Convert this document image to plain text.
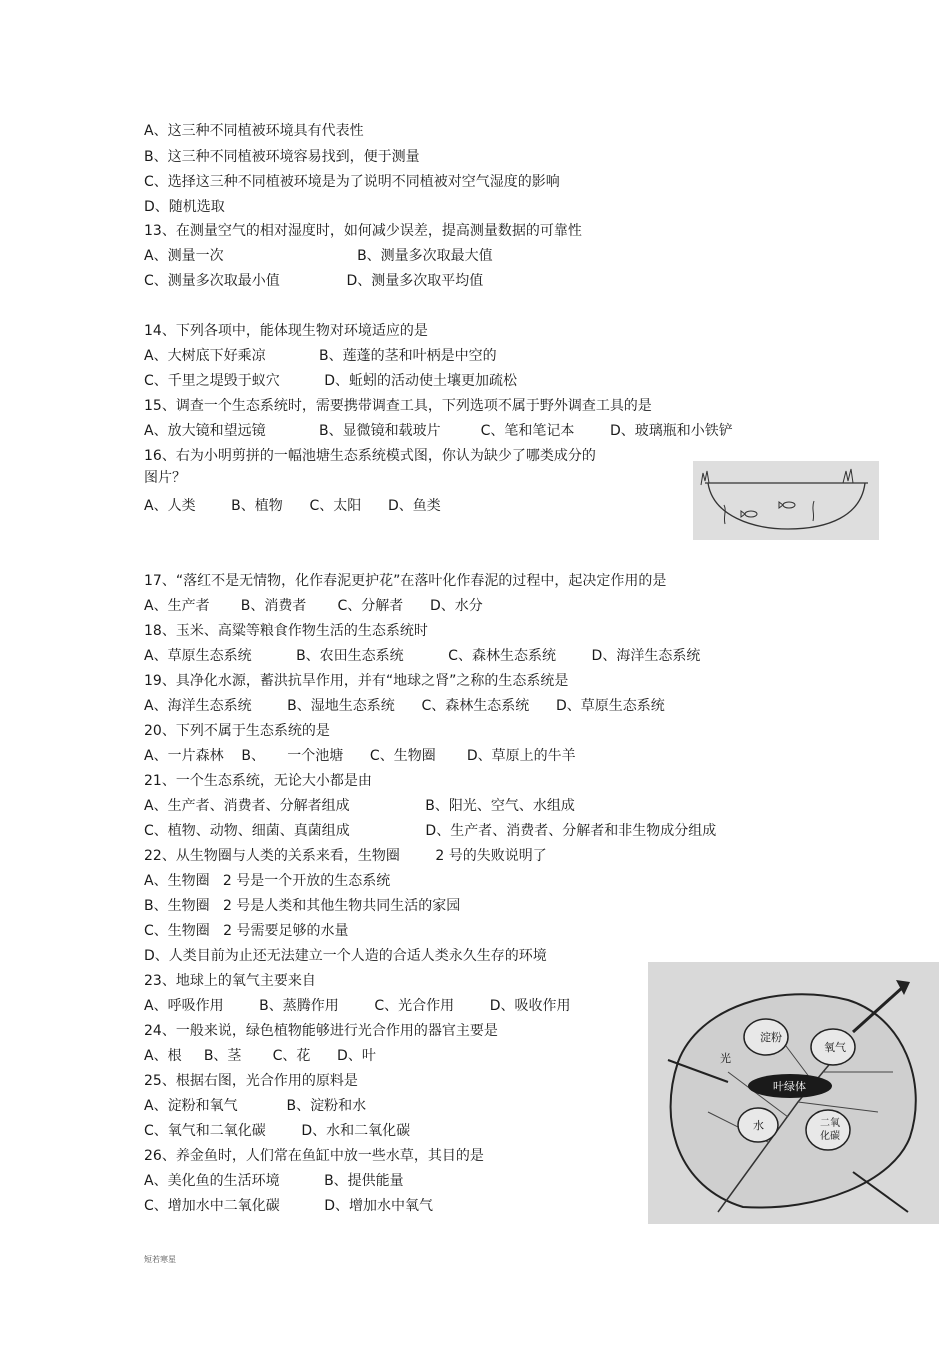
A、这三种不同植被环境具有代表性
B、这三种不同植被环境容易找到，便于测量
C、选择这三种不同植被环境是为了说明不同植被对空气湿度的影响
D、随机选取
13、在测量空气的相对湿度时，如何减少误差，提高测量数据的可靠性
A、测量一次                              B、测量多次取最大值
C、测量多次取最小值               D、测量多次取平均值
14、下列各项中，能体现生物对环境适应的是
A、大树底下好乘凉            B、莲蓬的茎和叶柄是中空的
C、千里之堤毁于蚁穴          D、蚯蚓的活动使土壤更加疏松
15、调查一个生态系统时，需要携带调查工具，下列选项不属于野外调查工具的是
A、放大镜和望远镜            B、显微镜和载玻片         C、笔和笔记本        D、玻璃瓶和小铁铲
16、右为小明剪拼的一幅池塘生态系统模式图，你认为缺少了哪类成分的
图片？
A、人类        B、植物      C、太阳      D、鱼类
17、“落红不是无情物，化作春泥更护花”在落叶化作春泥的过程中，起决定作用的是
A、生产者       B、消费者       C、分解者      D、水分
18、玉米、高粱等粮食作物生活的生态系统时
A、草原生态系统          B、农田生态系统          C、森林生态系统        D、海洋生态系统
19、具净化水源，蓄洪抗旱作用，并有“地球之肾”之称的生态系统是
A、海洋生态系统        B、湿地生态系统      C、森林生态系统      D、草原生态系统
20、下列不属于生态系统的是
A、一片森林    B、     一个池塘      C、生物圈       D、草原上的牛羊
21、一个生态系统，无论大小都是由
A、生产者、消费者、分解者组成                 B、阳光、空气、水组成
C、植物、动物、细菌、真菌组成                 D、生产者、消费者、分解者和非生物成分组成
22、从生物圈与人类的关系来看，生物圈        2 号的失败说明了
A、生物圈   2 号是一个开放的生态系统
B、生物圈   2 号是人类和其他生物共同生活的家园
C、生物圈   2 号需要足够的水量
D、人类目前为止还无法建立一个人造的合适人类永久生存的环境
23、地球上的氧气主要来自
A、呼吸作用        B、蒸腾作用        C、光合作用        D、吸收作用
24、一般来说，绿色植物能够进行光合作用的器官主要是
A、根     B、茎       C、花      D、叶
25、根据右图，光合作用的原料是
A、淀粉和氧气           B、淀粉和水
C、氧气和二氧化碳        D、水和二氧化碳
26、养金鱼时，人们常在鱼缸中放一些水草，其目的是
A、美化鱼的生活环境          B、提供能量
C、增加水中二氧化碳          D、增加水中氧气
淀粉
氧气
光
叶绿体
水	二氧
化碳
短若寒星
